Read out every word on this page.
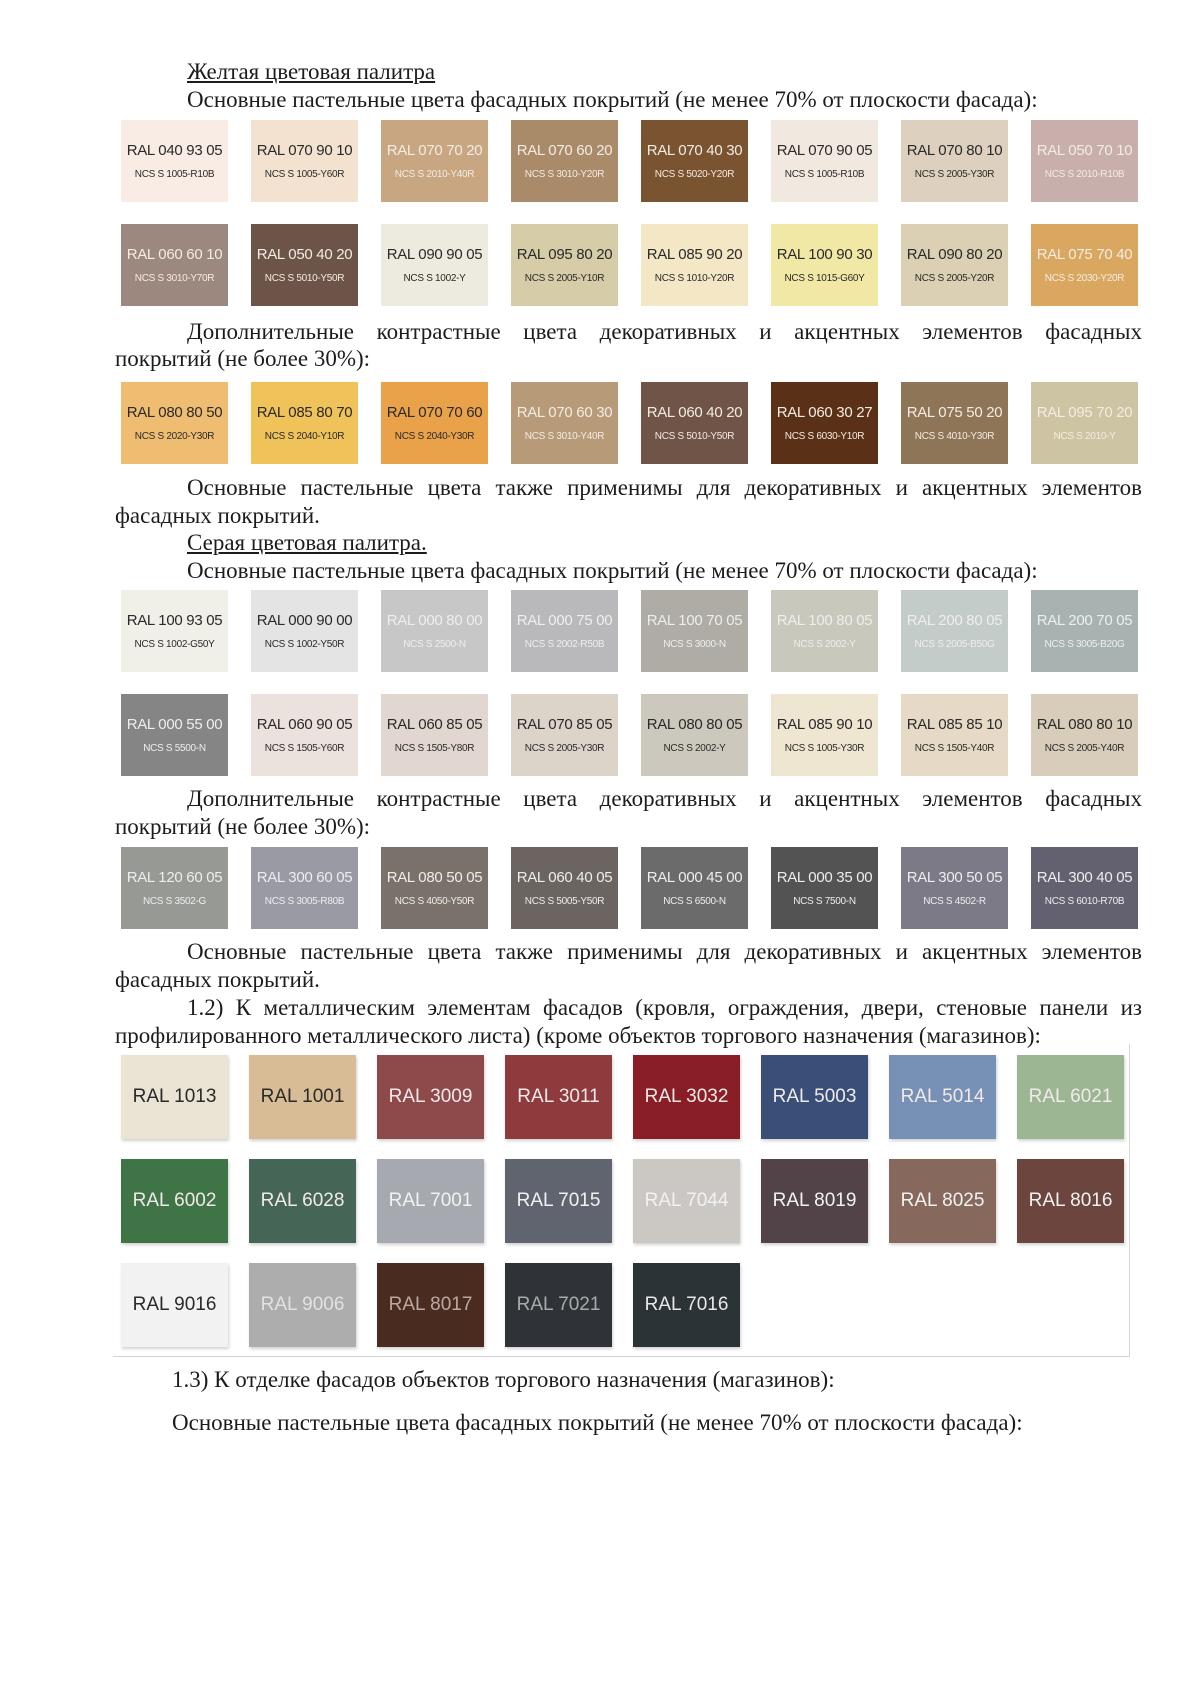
Желтая цветовая палитра
Основные пастельные цвета фасадных покрытий (не менее 70% от плоскости фасада):
RAL 040 93 05
NCS S 1005-R10B
RAL 070 90 10
NCS S 1005-Y60R
RAL 070 70 20
NCS S 2010-Y40R
RAL 070 60 20
NCS S 3010-Y20R
RAL 070 40 30
NCS S 5020-Y20R
RAL 070 90 05
NCS S 1005-R10B
RAL 070 80 10
NCS S 2005-Y30R
RAL 050 70 10
NCS S 2010-R10B
RAL 060 60 10
NCS S 3010-Y70R
RAL 050 40 20
NCS S 5010-Y50R
RAL 090 90 05
NCS S 1002-Y
RAL 095 80 20
NCS S 2005-Y10R
RAL 085 90 20
NCS S 1010-Y20R
RAL 100 90 30
NCS S 1015-G60Y
RAL 090 80 20
NCS S 2005-Y20R
RAL 075 70 40
NCS S 2030-Y20R
Дополнительные контрастные цвета декоративных и акцентных элементов фасадных
покрытий (не более 30%):
RAL 080 80 50
NCS S 2020-Y30R
RAL 085 80 70
NCS S 2040-Y10R
RAL 070 70 60
NCS S 2040-Y30R
RAL 070 60 30
NCS S 3010-Y40R
RAL 060 40 20
NCS S 5010-Y50R
RAL 060 30 27
NCS S 6030-Y10R
RAL 075 50 20
NCS S 4010-Y30R
RAL 095 70 20
NCS S 2010-Y
Основные пастельные цвета также применимы для декоративных и акцентных элементов
фасадных покрытий.
Серая цветовая палитра.
Основные пастельные цвета фасадных покрытий (не менее 70% от плоскости фасада):
RAL 100 93 05
NCS S 1002-G50Y
RAL 000 90 00
NCS S 1002-Y50R
RAL 000 80 00
NCS S 2500-N
RAL 000 75 00
NCS S 2002-R50B
RAL 100 70 05
NCS S 3000-N
RAL 100 80 05
NCS S 2002-Y
RAL 200 80 05
NCS S 2005-B50G
RAL 200 70 05
NCS S 3005-B20G
RAL 000 55 00
NCS S 5500-N
RAL 060 90 05
NCS S 1505-Y60R
RAL 060 85 05
NCS S 1505-Y80R
RAL 070 85 05
NCS S 2005-Y30R
RAL 080 80 05
NCS S 2002-Y
RAL 085 90 10
NCS S 1005-Y30R
RAL 085 85 10
NCS S 1505-Y40R
RAL 080 80 10
NCS S 2005-Y40R
Дополнительные контрастные цвета декоративных и акцентных элементов фасадных
покрытий (не более 30%):
RAL 120 60 05
NCS S 3502-G
RAL 300 60 05
NCS S 3005-R80B
RAL 080 50 05
NCS S 4050-Y50R
RAL 060 40 05
NCS S 5005-Y50R
RAL 000 45 00
NCS S 6500-N
RAL 000 35 00
NCS S 7500-N
RAL 300 50 05
NCS S 4502-R
RAL 300 40 05
NCS S 6010-R70B
Основные пастельные цвета также применимы для декоративных и акцентных элементов
фасадных покрытий.
1.2) К металлическим элементам фасадов (кровля, ограждения, двери, стеновые панели из
профилированного металлического листа) (кроме объектов торгового назначения (магазинов):
RAL 1013 RAL 1001 RAL 3009 RAL 3011 RAL 3032 RAL 5003 RAL 5014 RAL 6021
RAL 6002 RAL 6028 RAL 7001 RAL 7015 RAL 7044 RAL 8019 RAL 8025 RAL 8016
RAL 9016 RAL 9006 RAL 8017 RAL 7021 RAL 7016
1.3) К отделке фасадов объектов торгового назначения (магазинов):
Основные пастельные цвета фасадных покрытий (не менее 70% от плоскости фасада):
